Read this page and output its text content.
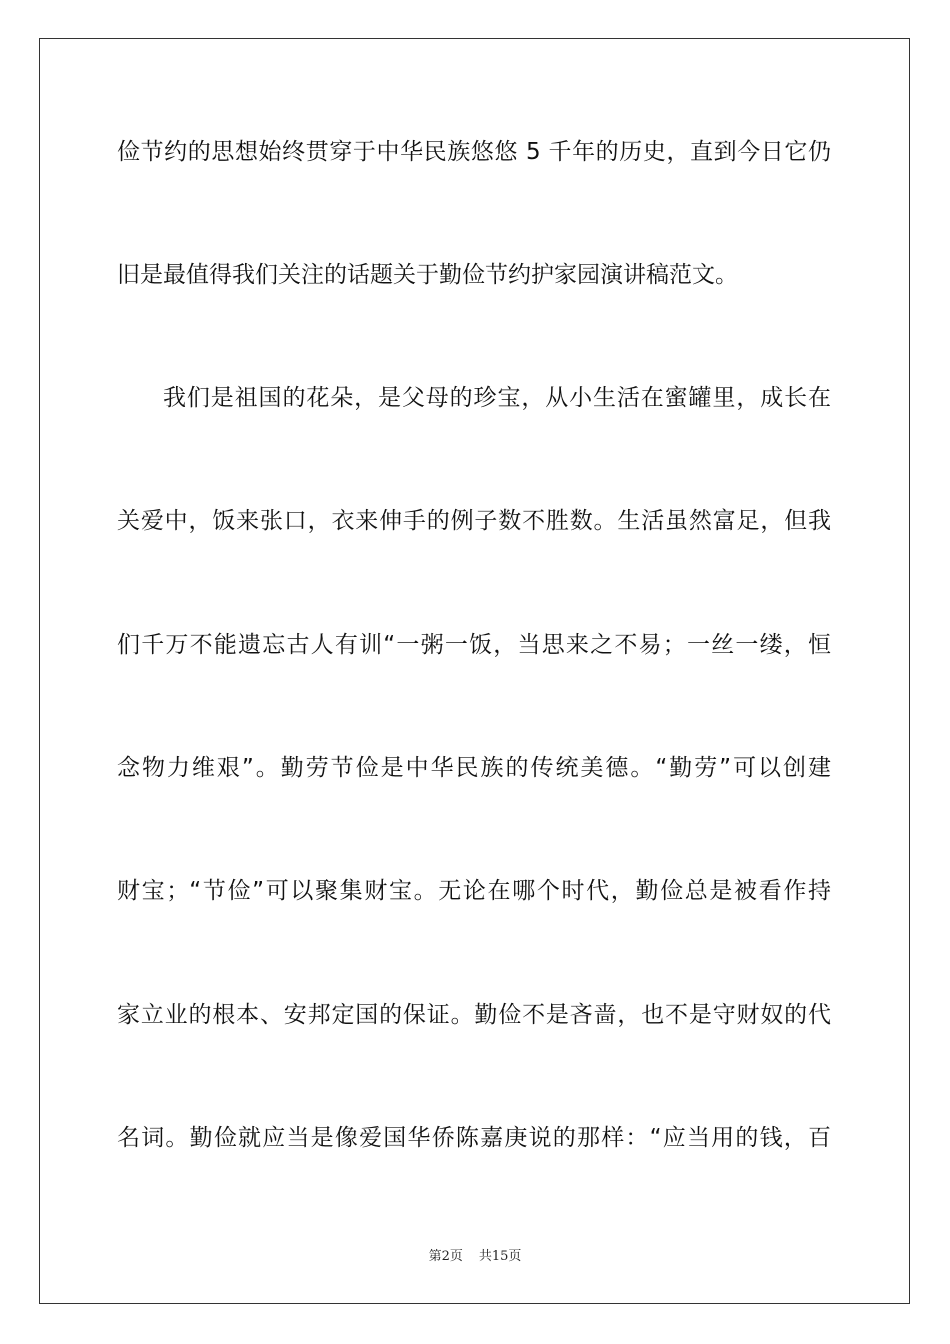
俭节约的思想始终贯穿于中华民族悠悠 5 千年的历史，直到今日它仍
旧是最值得我们关注的话题关于勤俭节约护家园演讲稿范文。
我们是祖国的花朵，是父母的珍宝，从小生活在蜜罐里，成长在
关爱中，饭来张口，衣来伸手的例子数不胜数。生活虽然富足，但我
们千万不能遗忘古人有训“一粥一饭，当思来之不易；一丝一缕，恒
念物力维艰”。勤劳节俭是中华民族的传统美德。“勤劳”可以创建
财宝；“节俭”可以聚集财宝。无论在哪个时代，勤俭总是被看作持
家立业的根本、安邦定国的保证。勤俭不是吝啬，也不是守财奴的代
名词。勤俭就应当是像爱国华侨陈嘉庚说的那样：“应当用的钱，百
第2页 共15页
